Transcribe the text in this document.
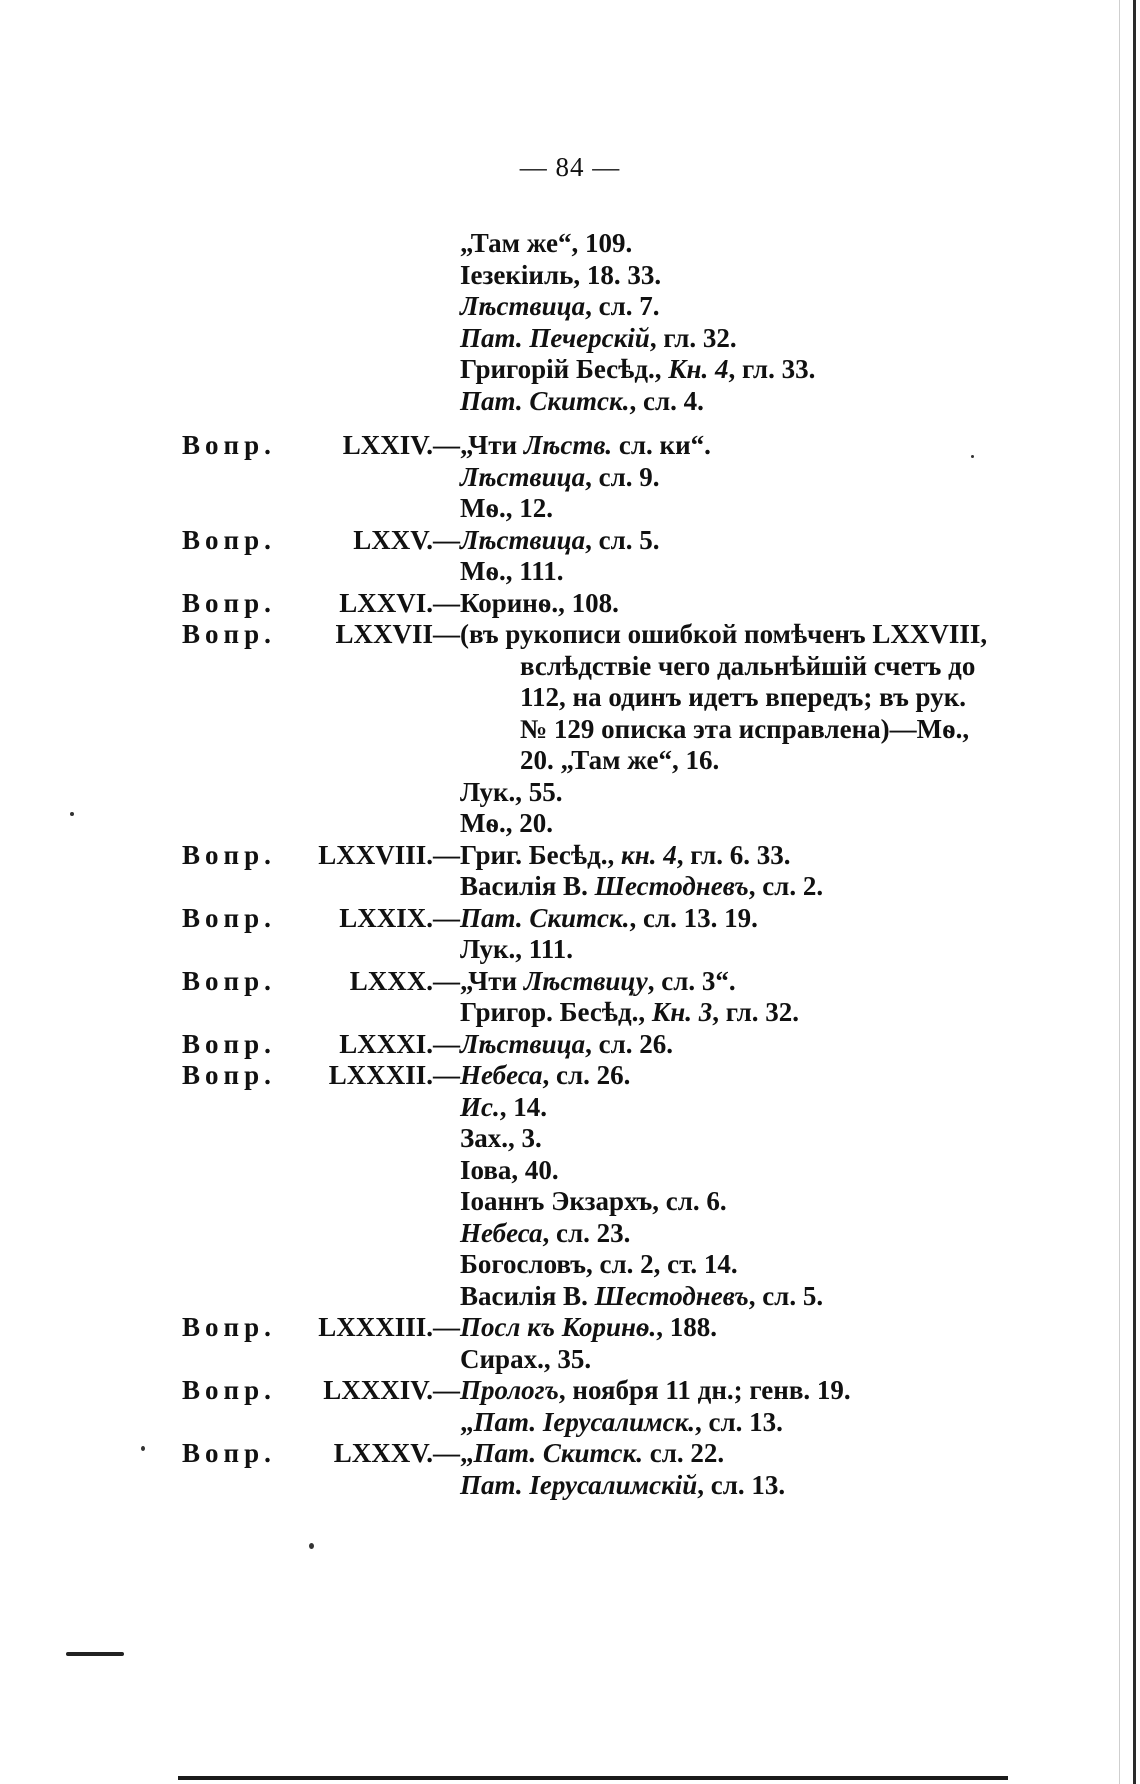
— 84 —
„Там же“, 109.
Іезекіиль, 18. 33.
Лѣствица, сл. 7.
Пат. Печерскій, гл. 32.
Григорій Бесѣд., Кн. 4, гл. 33.
Пат. Скитск., сл. 4.
Вопр. LXXIV.— „Чти Лѣств. сл. ки“.
Лѣствица, сл. 9.
Мѳ., 12.
Вопр.	LXXV.— Лѣствица, сл. 5.
Мѳ., 111.
Вопр. LXXVI.— Коринѳ., 108.
Вопр. LXXVII— (въ рукописи ошибкой помѣченъ LXXVIII,
вслѣдствіе чего дальнѣйшій счетъ до
112, на одинъ идетъ впередъ; въ рук.
№ 129 описка эта исправлена)—Мѳ.,
20. „Там же“, 16.
Лук., 55.
Мѳ., 20.
Вопр. LXXVIII.— Григ. Бесѣд., кн. 4, гл. 6. 33.
Василія В. Шестодневъ, сл. 2.
Вопр. LXXIX.— Пат. Скитск., сл. 13. 19.
Лук., 111.
Вопр.	LXXX.— „Чти Лѣствицу, сл. 3“.
Григор. Бесѣд., Кн. 3, гл. 32.
Вопр. LXXXI.— Лѣствица, сл. 26.
Вопр. LXXXII.— Небеса, сл. 26.
Ис., 14.
Зах., 3.
Іова, 40.
Іоаннъ Экзархъ, сл. 6.
Небеса, сл. 23.
Богословъ, сл. 2, ст. 14.
Василія В. Шестодневъ, сл. 5.
Вопр. LXXXIII.— Посл къ Коринѳ., 188.
Сирах., 35.
Вопр. LXXXIV.— Прологъ, ноября 11 дн.; генв. 19.
„Пат. Іерусалимск., сл. 13.
Вопр. LXXXV.— „Пат. Скитск. сл. 22.
Пат. Іерусалимскій, сл. 13.
